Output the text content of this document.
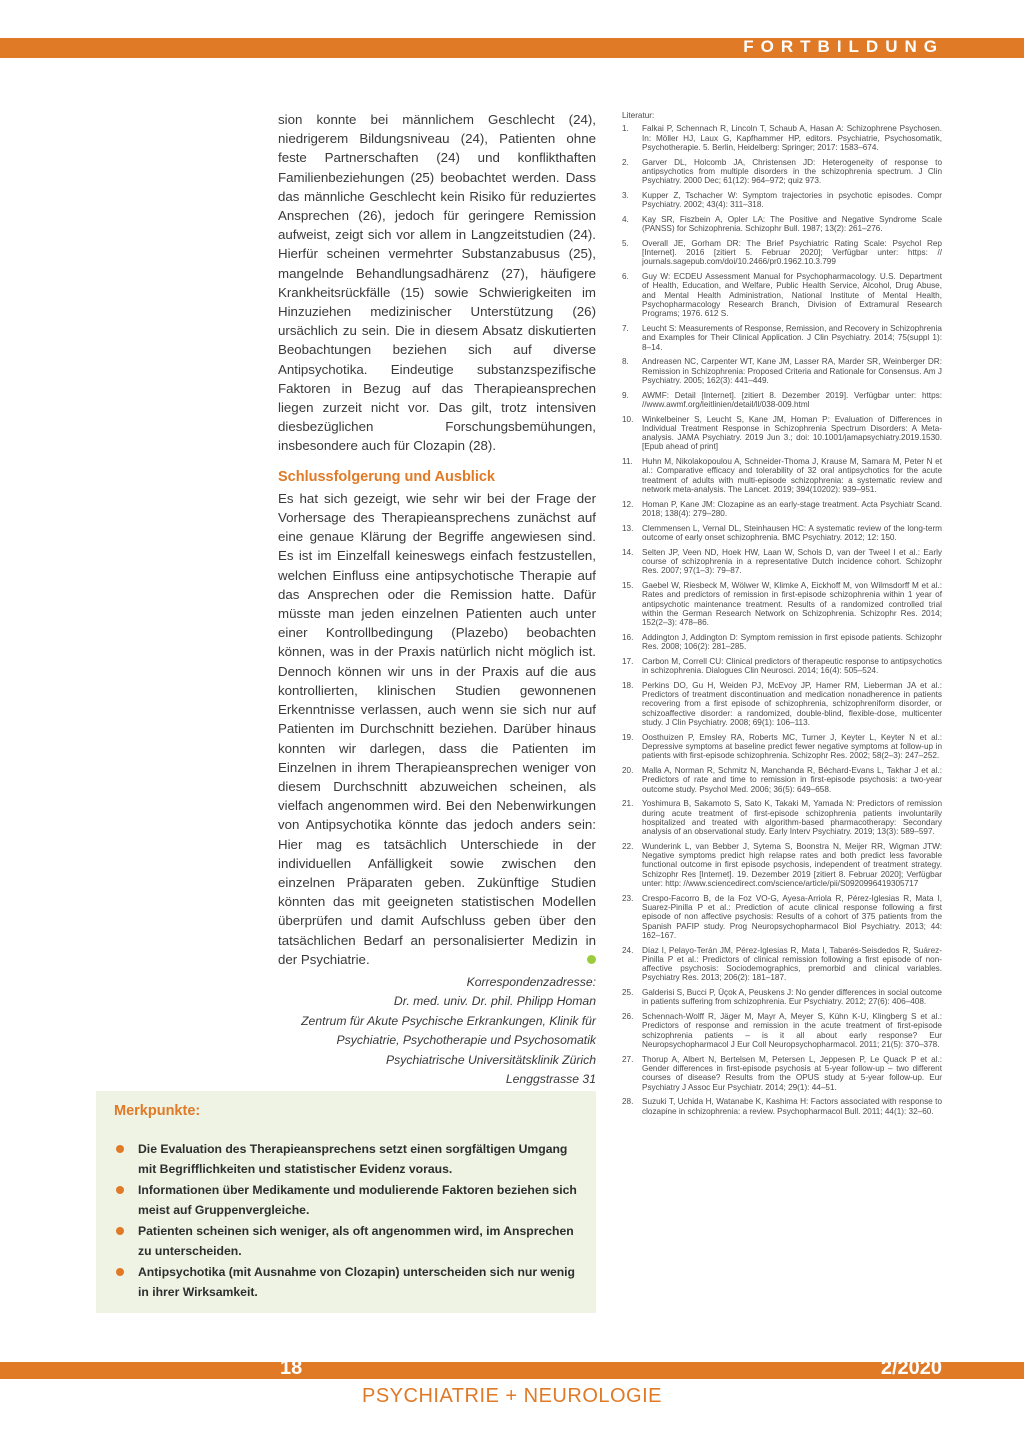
FORTBILDUNG

sion konnte bei männlichem Geschlecht (24), niedrigerem Bildungsniveau (24), Patienten ohne feste Partnerschaften (24) und konflikthaften Familienbeziehungen (25) beobachtet werden. Dass das männliche Geschlecht kein Risiko für reduziertes Ansprechen (26), jedoch für geringere Remission aufweist, zeigt sich vor allem in Langzeitstudien (24). Hierfür scheinen vermehrter Substanzabusus (25), mangelnde Behandlungsadhärenz (27), häufigere Krankheitsrückfälle (15) sowie Schwierigkeiten im Hinzuziehen medizinischer Unterstützung (26) ursächlich zu sein. Die in diesem Absatz diskutierten Beobachtungen beziehen sich auf diverse Antipsychotika. Eindeutige substanzspezifische Faktoren in Bezug auf das Therapieansprechen liegen zurzeit nicht vor. Das gilt, trotz intensiven diesbezüglichen Forschungsbemühungen, insbesondere auch für Clozapin (28).

Schlussfolgerung und Ausblick

Es hat sich gezeigt, wie sehr wir bei der Frage der Vorhersage des Therapieansprechens zunächst auf eine genaue Klärung der Begriffe angewiesen sind. Es ist im Einzelfall keineswegs einfach festzustellen, welchen Einfluss eine antipsychotische Therapie auf das Ansprechen oder die Remission hatte. Dafür müsste man jeden einzelnen Patienten auch unter einer Kontrollbedingung (Plazebo) beobachten können, was in der Praxis natürlich nicht möglich ist. Dennoch können wir uns in der Praxis auf die aus kontrollierten, klinischen Studien gewonnenen Erkenntnisse verlassen, auch wenn sie sich nur auf Patienten im Durchschnitt beziehen. Darüber hinaus konnten wir darlegen, dass die Patienten im Einzelnen in ihrem Therapieansprechen weniger von diesem Durchschnitt abzuweichen scheinen, als vielfach angenommen wird. Bei den Nebenwirkungen von Antipsychotika könnte das jedoch anders sein: Hier mag es tatsächlich Unterschiede in der individuellen Anfälligkeit sowie zwischen den einzelnen Präparaten geben. Zukünftige Studien könnten das mit geeigneten statistischen Modellen überprüfen und damit Aufschluss geben über den tatsächlichen Bedarf an personalisierter Medizin in der Psychiatrie.

Korrespondenzadresse:
Dr. med. univ. Dr. phil. Philipp Homan
Zentrum für Akute Psychische Erkrankungen, Klinik für
Psychiatrie, Psychotherapie und Psychosomatik
Psychiatrische Universitätsklinik Zürich
Lenggstrasse 31
Merkpunkte:
Die Evaluation des Therapieansprechens setzt einen sorgfältigen Umgang mit Begrifflichkeiten und statistischer Evidenz voraus.
Informationen über Medikamente und modulierende Faktoren beziehen sich meist auf Gruppenvergleiche.
Patienten scheinen sich weniger, als oft angenommen wird, im Ansprechen zu unterscheiden.
Antipsychotika (mit Ausnahme von Clozapin) unterscheiden sich nur wenig in ihrer Wirksamkeit.
Literatur:
1. Falkai P, Schennach R, Lincoln T, Schaub A, Hasan A: Schizophrene Psychosen. In: Möller HJ, Laux G, Kapfhammer HP, editors. Psychiatrie, Psychosomatik, Psychotherapie. 5. Berlin, Heidelberg: Springer; 2017: 1583–674.
2. Garver DL, Holcomb JA, Christensen JD: Heterogeneity of response to antipsychotics from multiple disorders in the schizophrenia spectrum. J Clin Psychiatry. 2000 Dec; 61(12): 964–972; quiz 973.
3. Kupper Z, Tschacher W: Symptom trajectories in psychotic episodes. Compr Psychiatry. 2002; 43(4): 311–318.
4. Kay SR, Fiszbein A, Opler LA: The Positive and Negative Syndrome Scale (PANSS) for Schizophrenia. Schizophr Bull. 1987; 13(2): 261–276.
5. Overall JE, Gorham DR: The Brief Psychiatric Rating Scale: Psychol Rep [Internet]. 2016 [zitiert 5. Februar 2020]; Verfügbar unter: https: // journals.sagepub.com/doi/10.2466/pr0.1962.10.3.799
6. Guy W: ECDEU Assessment Manual for Psychopharmacology. U.S. Department of Health, Education, and Welfare, Public Health Service, Alcohol, Drug Abuse, and Mental Health Administration, National Institute of Mental Health, Psychopharmacology Research Branch, Division of Extramural Research Programs; 1976. 612 S.
7. Leucht S: Measurements of Response, Remission, and Recovery in Schizophrenia and Examples for Their Clinical Application. J Clin Psychiatry. 2014; 75(suppl 1): 8–14.
8. Andreasen NC, Carpenter WT, Kane JM, Lasser RA, Marder SR, Weinberger DR: Remission in Schizophrenia: Proposed Criteria and Rationale for Consensus. Am J Psychiatry. 2005; 162(3): 441–449.
9. AWMF: Detail [Internet]. [zitiert 8. Dezember 2019]. Verfügbar unter: https: //www.awmf.org/leitlinien/detail/ll/038-009.html
10. Winkelbeiner S, Leucht S, Kane JM, Homan P: Evaluation of Differences in Individual Treatment Response in Schizophrenia Spectrum Disorders: A Meta-analysis. JAMA Psychiatry. 2019 Jun 3.; doi: 10.1001/jamapsychiatry.2019.1530. [Epub ahead of print]
11. Huhn M, Nikolakopoulou A, Schneider-Thoma J, Krause M, Samara M, Peter N et al.: Comparative efficacy and tolerability of 32 oral antipsychotics for the acute treatment of adults with multi-episode schizophrenia: a systematic review and network meta-analysis. The Lancet. 2019; 394(10202): 939–951.
12. Homan P, Kane JM: Clozapine as an early-stage treatment. Acta Psychiatr Scand. 2018; 138(4): 279–280.
13. Clemmensen L, Vernal DL, Steinhausen HC: A systematic review of the long-term outcome of early onset schizophrenia. BMC Psychiatry. 2012; 12: 150.
14. Selten JP, Veen ND, Hoek HW, Laan W, Schols D, van der Tweel I et al.: Early course of schizophrenia in a representative Dutch incidence cohort. Schizophr Res. 2007; 97(1–3): 79–87.
15. Gaebel W, Riesbeck M, Wölwer W, Klimke A, Eickhoff M, von Wilmsdorff M et al.: Rates and predictors of remission in first-episode schizophrenia within 1 year of antipsychotic maintenance treatment. Results of a randomized controlled trial within the German Research Network on Schizophrenia. Schizophr Res. 2014; 152(2–3): 478–86.
16. Addington J, Addington D: Symptom remission in first episode patients. Schizophr Res. 2008; 106(2): 281–285.
17. Carbon M, Correll CU: Clinical predictors of therapeutic response to antipsychotics in schizophrenia. Dialogues Clin Neurosci. 2014; 16(4): 505–524.
18. Perkins DO, Gu H, Weiden PJ, McEvoy JP, Hamer RM, Lieberman JA et al.: Predictors of treatment discontinuation and medication nonadherence in patients recovering from a first episode of schizophrenia, schizophreniform disorder, or schizoaffective disorder: a randomized, double-blind, flexible-dose, multicenter study. J Clin Psychiatry. 2008; 69(1): 106–113.
19. Oosthuizen P, Emsley RA, Roberts MC, Turner J, Keyter L, Keyter N et al.: Depressive symptoms at baseline predict fewer negative symptoms at follow-up in patients with first-episode schizophrenia. Schizophr Res. 2002; 58(2–3): 247–252.
20. Malla A, Norman R, Schmitz N, Manchanda R, Béchard-Evans L, Takhar J et al.: Predictors of rate and time to remission in first-episode psychosis: a two-year outcome study. Psychol Med. 2006; 36(5): 649–658.
21. Yoshimura B, Sakamoto S, Sato K, Takaki M, Yamada N: Predictors of remission during acute treatment of first-episode schizophrenia patients involuntarily hospitalized and treated with algorithm-based pharmacotherapy: Secondary analysis of an observational study. Early Interv Psychiatry. 2019; 13(3): 589–597.
22. Wunderink L, van Bebber J, Sytema S, Boonstra N, Meijer RR, Wigman JTW: Negative symptoms predict high relapse rates and both predict less favorable functional outcome in first episode psychosis, independent of treatment strategy. Schizophr Res [Internet]. 19. Dezember 2019 [zitiert 8. Februar 2020]; Verfügbar unter: http: //www.sciencedirect.com/science/article/pii/S0920996419305717
23. Crespo-Facorro B, de la Foz VO-G, Ayesa-Arriola R, Pérez-Iglesias R, Mata I, Suarez-Pinilla P et al.: Prediction of acute clinical response following a first episode of non affective psychosis: Results of a cohort of 375 patients from the Spanish PAFIP study. Prog Neuropsychopharmacol Biol Psychiatry. 2013; 44: 162–167.
24. Díaz I, Pelayo-Terán JM, Pérez-Iglesias R, Mata I, Tabarés-Seisdedos R, Suárez-Pinilla P et al.: Predictors of clinical remission following a first episode of non-affective psychosis: Sociodemographics, premorbid and clinical variables. Psychiatry Res. 2013; 206(2): 181–187.
25. Galderisi S, Bucci P, Üçok A, Peuskens J: No gender differences in social outcome in patients suffering from schizophrenia. Eur Psychiatry. 2012; 27(6): 406–408.
26. Schennach-Wolff R, Jäger M, Mayr A, Meyer S, Kühn K-U, Klingberg S et al.: Predictors of response and remission in the acute treatment of first-episode schizophrenia patients – is it all about early response? Eur Neuropsychopharmacol J Eur Coll Neuropsychopharmacol. 2011; 21(5): 370–378.
27. Thorup A, Albert N, Bertelsen M, Petersen L, Jeppesen P, Le Quack P et al.: Gender differences in first-episode psychosis at 5-year follow-up – two different courses of disease? Results from the OPUS study at 5-year follow-up. Eur Psychiatry J Assoc Eur Psychiatr. 2014; 29(1): 44–51.
28. Suzuki T, Uchida H, Watanabe K, Kashima H: Factors associated with response to clozapine in schizophrenia: a review. Psychopharmacol Bull. 2011; 44(1): 32–60.
18	2/2020
PSYCHIATRIE + NEUROLOGIE
